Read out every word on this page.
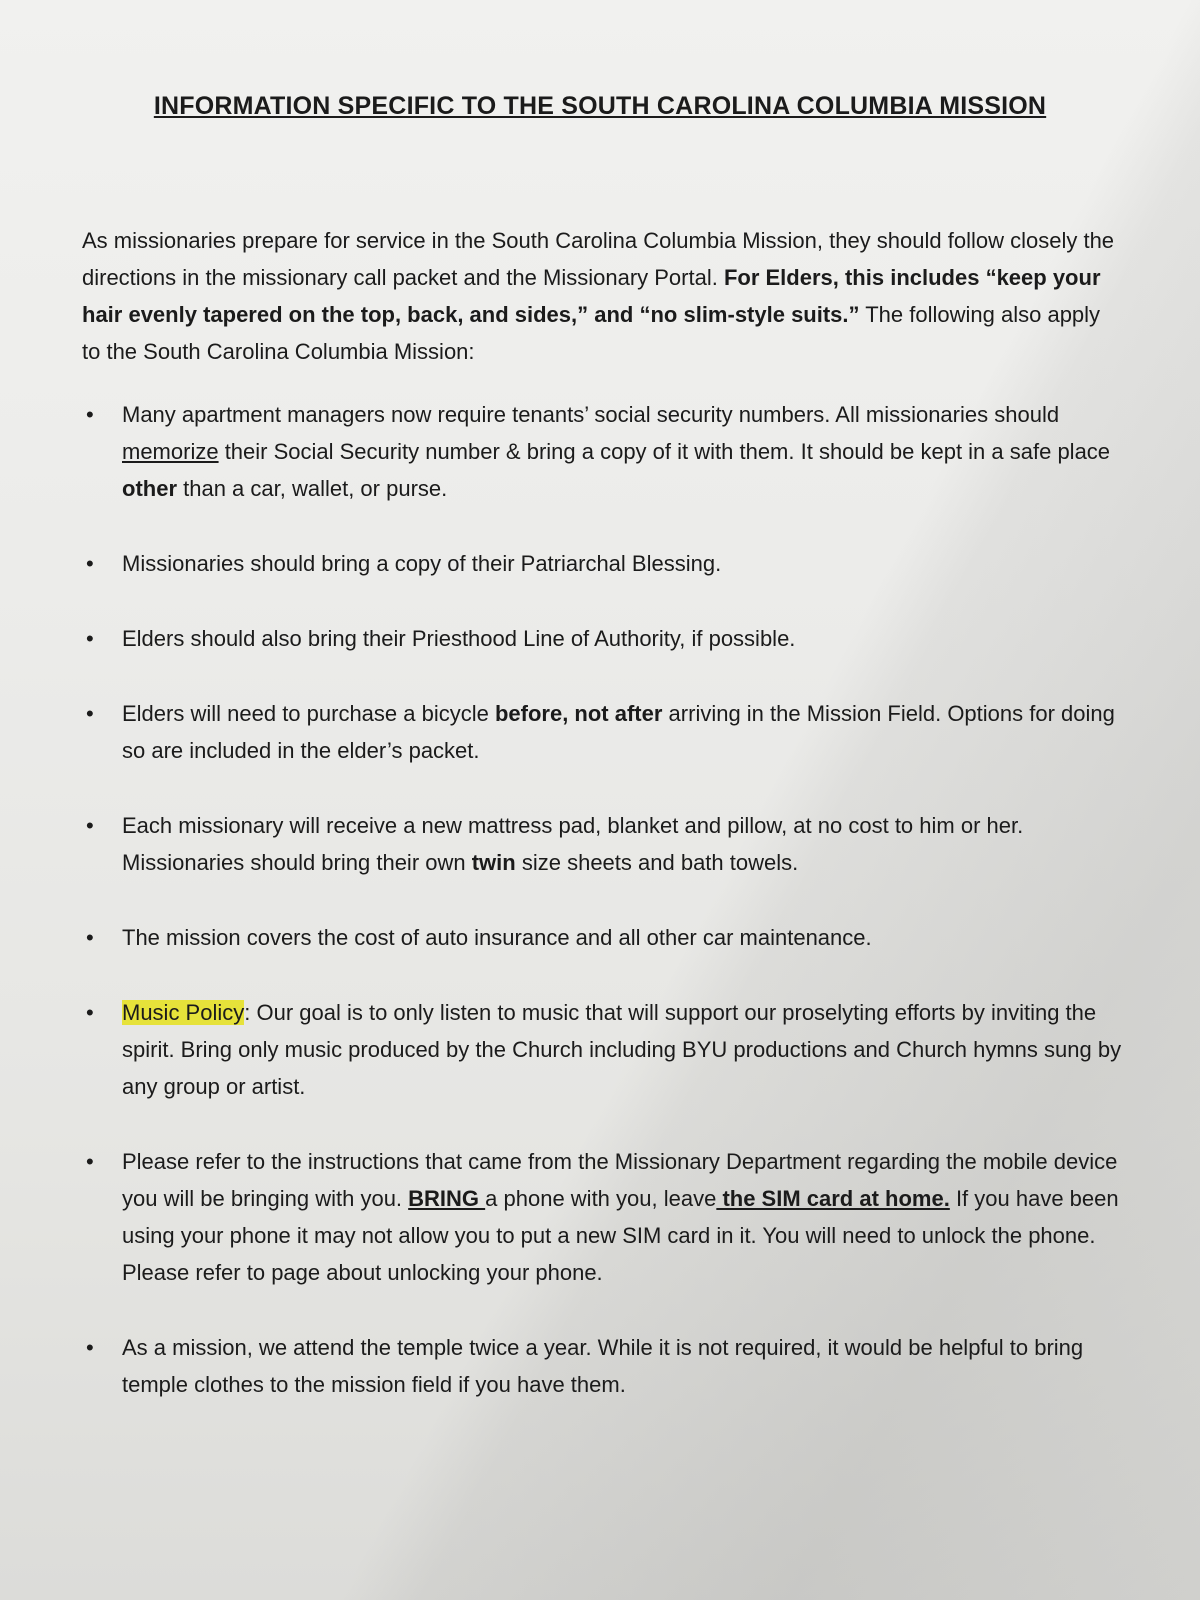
INFORMATION SPECIFIC TO THE SOUTH CAROLINA COLUMBIA MISSION
As missionaries prepare for service in the South Carolina Columbia Mission, they should follow closely the directions in the missionary call packet and the Missionary Portal. For Elders, this includes “keep your hair evenly tapered on the top, back, and sides,” and “no slim-style suits.” The following also apply to the South Carolina Columbia Mission:
• Many apartment managers now require tenants’ social security numbers. All missionaries should memorize their Social Security number & bring a copy of it with them. It should be kept in a safe place other than a car, wallet, or purse.
• Missionaries should bring a copy of their Patriarchal Blessing.
• Elders should also bring their Priesthood Line of Authority, if possible.
• Elders will need to purchase a bicycle before, not after arriving in the Mission Field. Options for doing so are included in the elder’s packet.
• Each missionary will receive a new mattress pad, blanket and pillow, at no cost to him or her. Missionaries should bring their own twin size sheets and bath towels.
• The mission covers the cost of auto insurance and all other car maintenance.
• Music Policy: Our goal is to only listen to music that will support our proselyting efforts by inviting the spirit. Bring only music produced by the Church including BYU productions and Church hymns sung by any group or artist.
• Please refer to the instructions that came from the Missionary Department regarding the mobile device you will be bringing with you. BRING a phone with you, leave the SIM card at home. If you have been using your phone it may not allow you to put a new SIM card in it. You will need to unlock the phone. Please refer to page about unlocking your phone.
• As a mission, we attend the temple twice a year. While it is not required, it would be helpful to bring temple clothes to the mission field if you have them.
